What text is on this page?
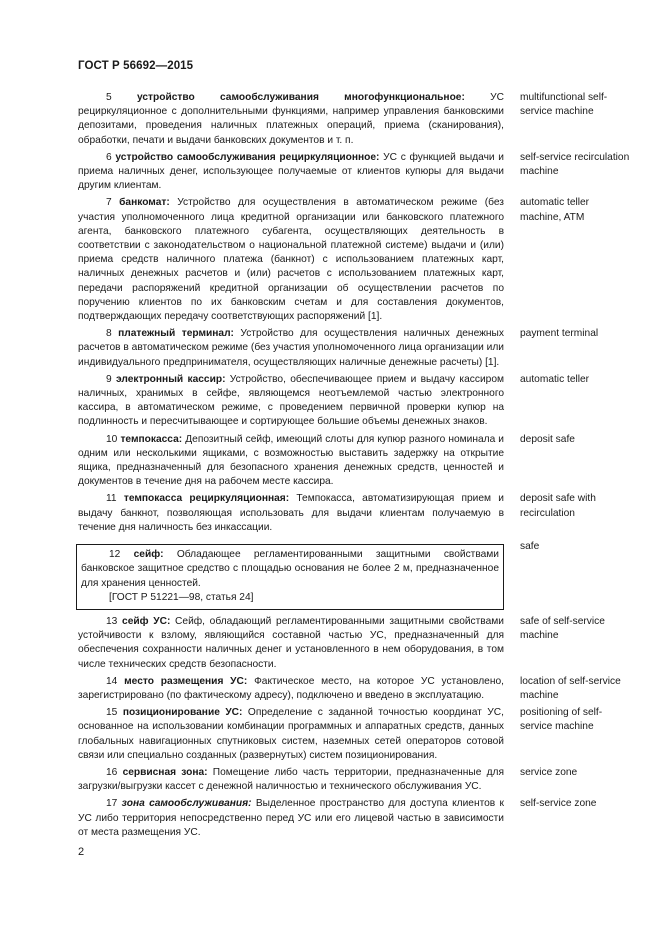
ГОСТ Р 56692—2015
5 устройство самообслуживания многофункциональное: УС рециркуляционное с дополнительными функциями, например управления банковскими депозитами, проведения наличных платежных операций, приема (сканирования), обработки, печати и выдачи банковских документов и т. п.
multifunctional self-service machine
6 устройство самообслуживания рециркуляционное: УС с функцией выдачи и приема наличных денег, использующее получаемые от клиентов купюры для выдачи другим клиентам.
self-service recirculation machine
7 банкомат: Устройство для осуществления в автоматическом режиме (без участия уполномоченного лица кредитной организации или банковского платежного агента, банковского платежного субагента, осуществляющих деятельность в соответствии с законодательством о национальной платежной системе) выдачи и (или) приема средств наличного платежа (банкнот) с использованием платежных карт, наличных денежных расчетов и (или) расчетов с использованием платежных карт, передачи распоряжений кредитной организации об осуществлении расчетов по поручению клиентов по их банковским счетам и для составления документов, подтверждающих передачу соответствующих распоряжений [1].
automatic teller machine, ATM
8 платежный терминал: Устройство для осуществления наличных денежных расчетов в автоматическом режиме (без участия уполномоченного лица организации или индивидуального предпринимателя, осуществляющих наличные денежные расчеты) [1].
payment terminal
9 электронный кассир: Устройство, обеспечивающее прием и выдачу кассиром наличных, хранимых в сейфе, являющемся неотъемлемой частью электронного кассира, в автоматическом режиме, с проведением первичной проверки купюр на подлинность и пересчитывающее и сортирующее большие объемы денежных знаков.
automatic teller
10 темпокасса: Депозитный сейф, имеющий слоты для купюр разного номинала и одним или несколькими ящиками, с возможностью выставить задержку на открытие ящика, предназначенный для безопасного хранения денежных средств, ценностей и документов в течение дня на рабочем месте кассира.
deposit safe
11 темпокасса рециркуляционная: Темпокасса, автоматизирующая прием и выдачу банкнот, позволяющая использовать для выдачи клиентам получаемую в течение дня наличность без инкассации.
deposit safe with recirculation
12 сейф: Обладающее регламентированными защитными свойствами банковское защитное средство с площадью основания не более 2 м, предназначенное для хранения ценностей.
[ГОСТ Р 51221—98, статья 24]
safe
13 сейф УС: Сейф, обладающий регламентированными защитными свойствами устойчивости к взлому, являющийся составной частью УС, предназначенный для обеспечения сохранности наличных денег и установленного в нем оборудования, в том числе технических средств безопасности.
safe of self-service machine
14 место размещения УС: Фактическое место, на которое УС установлено, зарегистрировано (по фактическому адресу), подключено и введено в эксплуатацию.
location of self-service machine
15 позиционирование УС: Определение с заданной точностью координат УС, основанное на использовании комбинации программных и аппаратных средств, данных глобальных навигационных спутниковых систем, наземных сетей операторов сотовой связи или специально созданных (развернутых) систем позиционирования.
positioning of self-service machine
16 сервисная зона: Помещение либо часть территории, предназначенные для загрузки/выгрузки кассет с денежной наличностью и технического обслуживания УС.
service zone
17 зона самообслуживания: Выделенное пространство для доступа клиентов к УС либо территория непосредственно перед УС или его лицевой частью в зависимости от места размещения УС.
self-service zone
2
